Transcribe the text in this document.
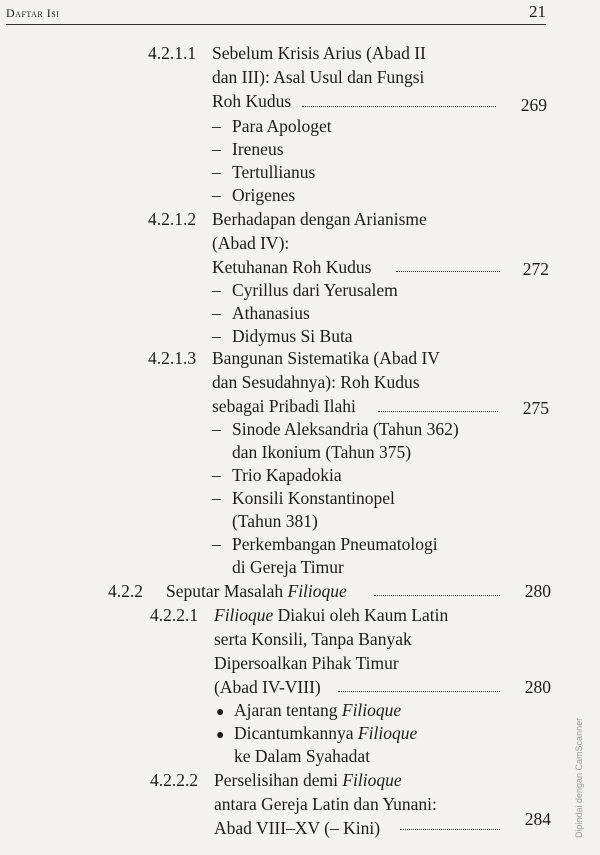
Daftar Isi	21
4.2.1.1 Sebelum Krisis Arius (Abad II
dan III): Asal Usul dan Fungsi
Roh Kudus	269
– Para Apologet
– Ireneus
– Tertullianus
– Origenes
4.2.1.2 Berhadapan dengan Arianisme
(Abad IV):
Ketuhanan Roh Kudus	272
– Cyrillus dari Yerusalem
– Athanasius
– Didymus Si Buta
4.2.1.3 Bangunan Sistematika (Abad IV
dan Sesudahnya): Roh Kudus
sebagai Pribadi Ilahi	275
– Sinode Aleksandria (Tahun 362)
dan Ikonium (Tahun 375)
– Trio Kapadokia
– Konsili Konstantinopel
(Tahun 381)
– Perkembangan Pneumatologi
di Gereja Timur
4.2.2 Seputar Masalah Filioque	280
4.2.2.1 Filioque Diakui oleh Kaum Latin
serta Konsili, Tanpa Banyak
Dipersoalkan Pihak Timur
(Abad IV-VIII)	280
● Ajaran tentang Filioque
● Dicantumkannya Filioque
ke Dalam Syahadat
4.2.2.2 Perselisihan demi Filioque
antara Gereja Latin dan Yunani:
Abad VIII–XV (– Kini)	284	Dipindai dengan CamScanner
